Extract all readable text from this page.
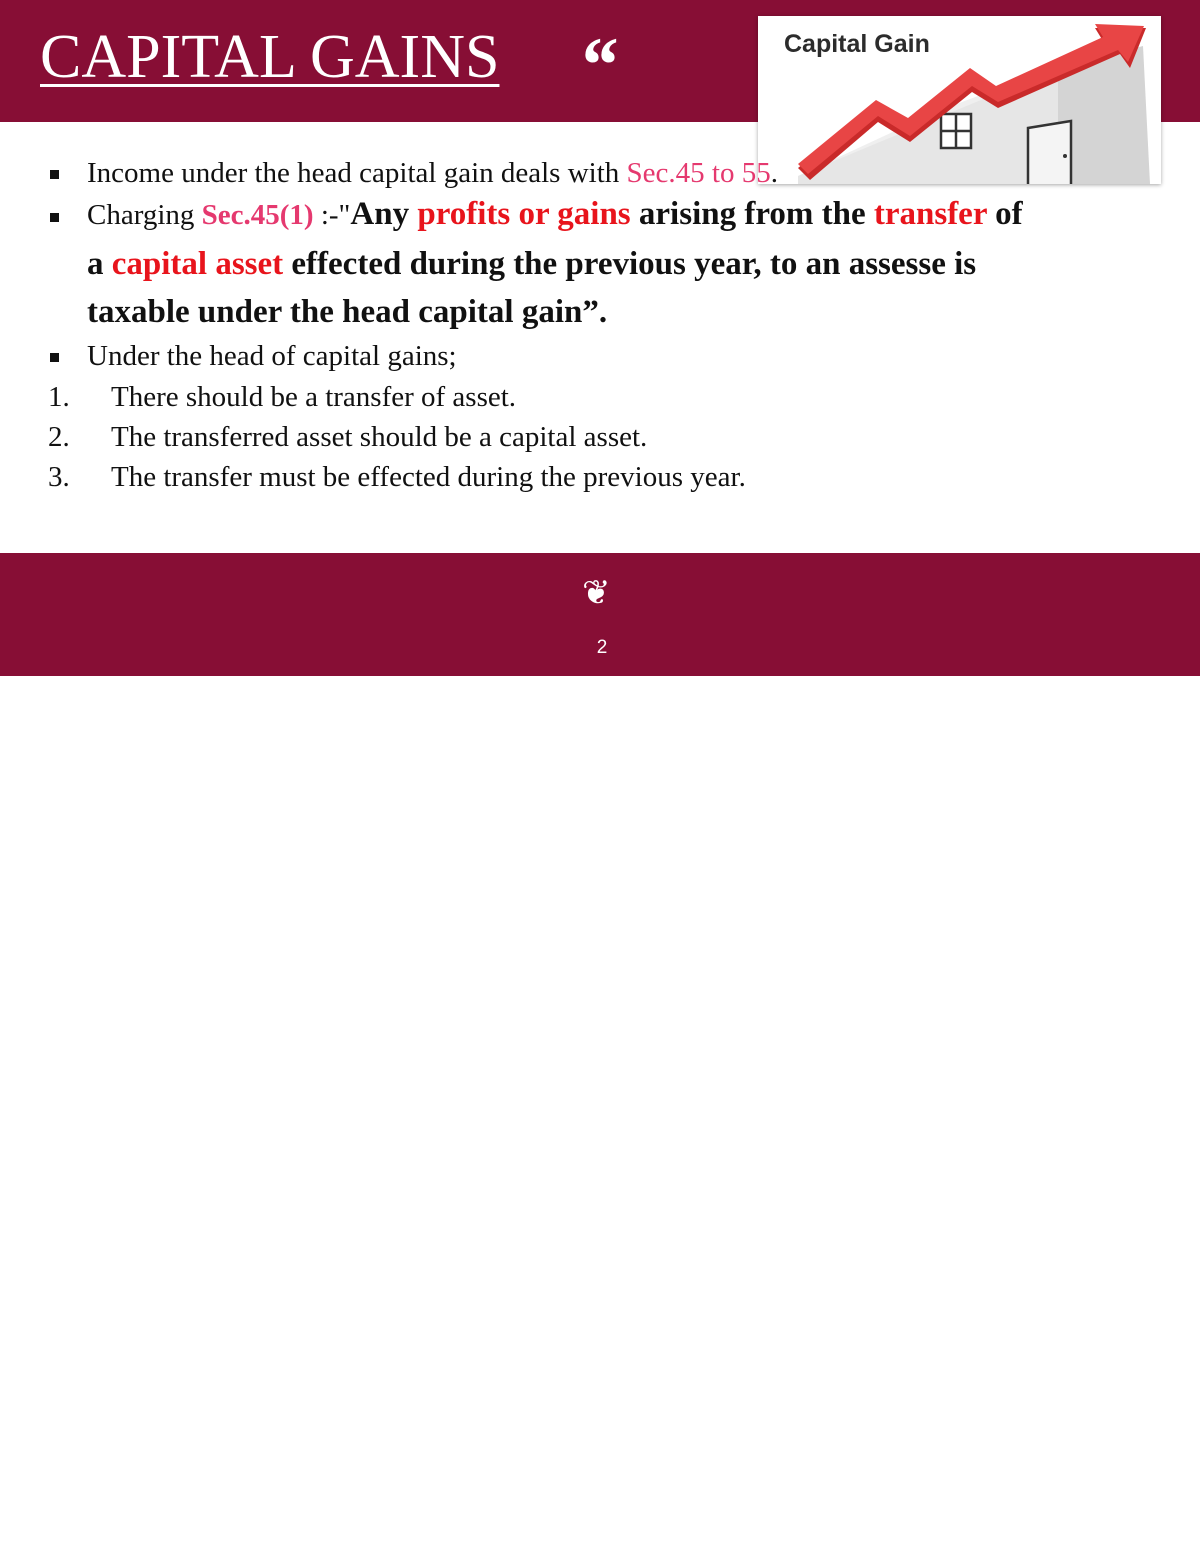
CAPITAL GAINS “	Capital Gain
Income under the head capital gain deals with Sec.45 to 55.
Charging Sec.45(1) :-"Any profits or gains arising from the transfer of
a capital asset effected during the previous year, to an assesse is
taxable under the head capital gain”.
Under the head of capital gains;
1. There should be a transfer of asset.
2. The transferred asset should be a capital asset.
3. The transfer must be effected during the previous year.
❦
2
